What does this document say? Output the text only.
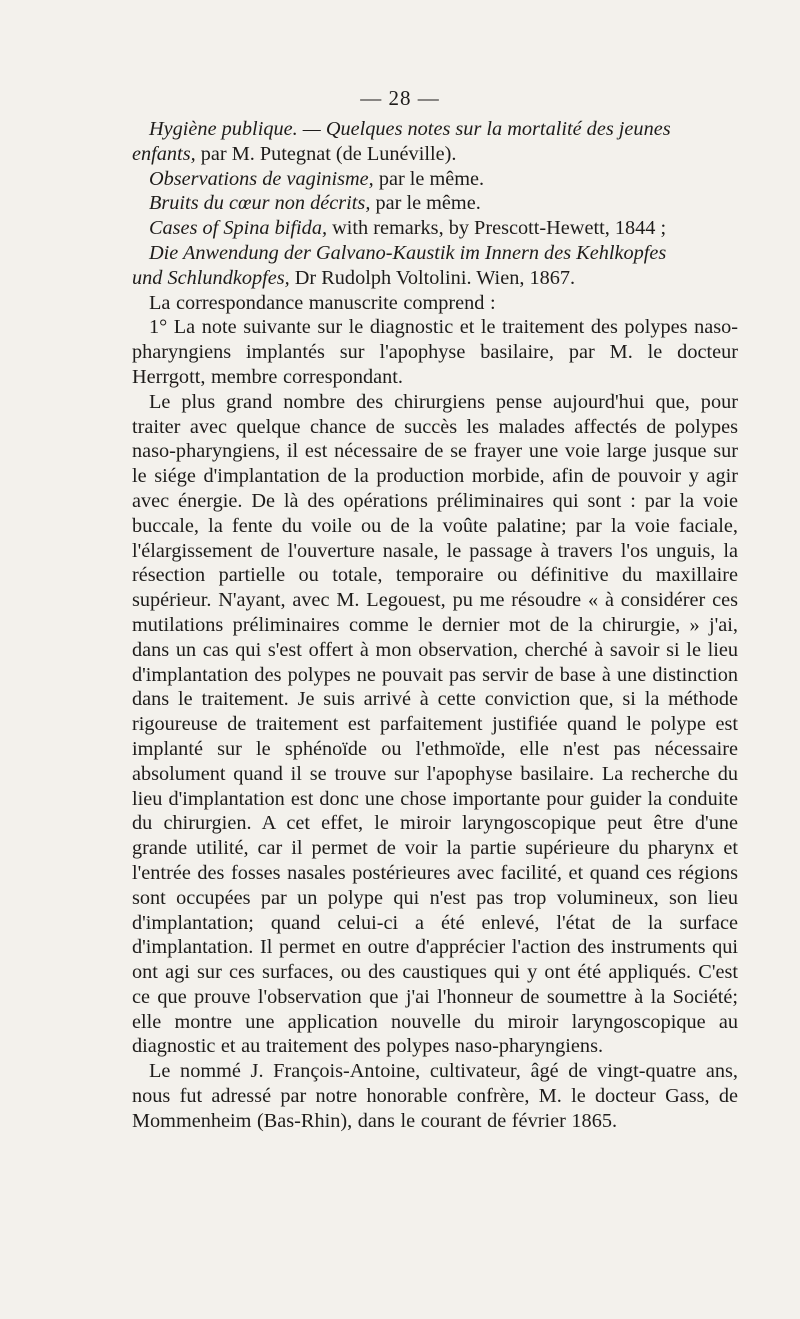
— 28 —
Hygiène publique. — Quelques notes sur la mortalité des jeunes
enfants, par M. Putegnat (de Lunéville).
Observations de vaginisme, par le même.
Bruits du cœur non décrits, par le même.
Cases of Spina bifida, with remarks, by Prescott-Hewett, 1844 ;
Die Anwendung der Galvano-Kaustik im Innern des Kehlkopfes
und Schlundkopfes, Dr Rudolph Voltolini. Wien, 1867.

La correspondance manuscrite comprend :

1° La note suivante sur le diagnostic et le traitement des polypes naso-pharyngiens implantés sur l'apophyse basilaire, par M. le docteur Herrgott, membre correspondant.

Le plus grand nombre des chirurgiens pense aujourd'hui que, pour traiter avec quelque chance de succès les malades affectés de polypes naso-pharyngiens, il est nécessaire de se frayer une voie large jusque sur le siége d'implantation de la production morbide, afin de pouvoir y agir avec énergie. De là des opérations préliminaires qui sont : par la voie buccale, la fente du voile ou de la voûte palatine; par la voie faciale, l'élargissement de l'ouverture nasale, le passage à travers l'os unguis, la résection partielle ou totale, temporaire ou définitive du maxillaire supérieur. N'ayant, avec M. Legouest, pu me résoudre « à considérer ces mutilations préliminaires comme le dernier mot de la chirurgie, » j'ai, dans un cas qui s'est offert à mon observation, cherché à savoir si le lieu d'implantation des polypes ne pouvait pas servir de base à une distinction dans le traitement. Je suis arrivé à cette conviction que, si la méthode rigoureuse de traitement est parfaitement justifiée quand le polype est implanté sur le sphénoïde ou l'ethmoïde, elle n'est pas nécessaire absolument quand il se trouve sur l'apophyse basilaire. La recherche du lieu d'implantation est donc une chose importante pour guider la conduite du chirurgien. A cet effet, le miroir laryngoscopique peut être d'une grande utilité, car il permet de voir la partie supérieure du pharynx et l'entrée des fosses nasales postérieures avec facilité, et quand ces régions sont occupées par un polype qui n'est pas trop volumineux, son lieu d'implantation; quand celui-ci a été enlevé, l'état de la surface d'implantation. Il permet en outre d'apprécier l'action des instruments qui ont agi sur ces surfaces, ou des caustiques qui y ont été appliqués. C'est ce que prouve l'observation que j'ai l'honneur de soumettre à la Société; elle montre une application nouvelle du miroir laryngoscopique au diagnostic et au traitement des polypes naso-pharyngiens.

Le nommé J. François-Antoine, cultivateur, âgé de vingt-quatre ans, nous fut adressé par notre honorable confrère, M. le docteur Gass, de Mommenheim (Bas-Rhin), dans le courant de février 1865.
